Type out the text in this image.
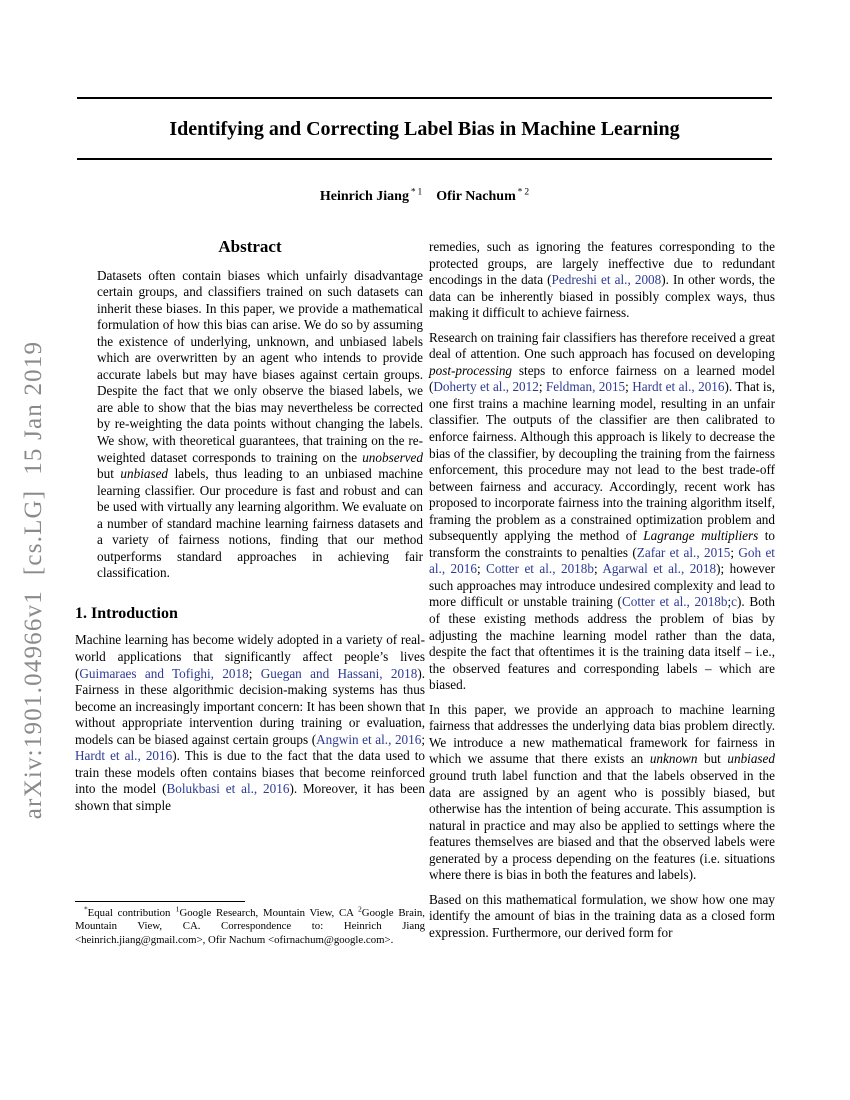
arXiv:1901.04966v1  [cs.LG]  15 Jan 2019
Identifying and Correcting Label Bias in Machine Learning
Heinrich Jiang $^{* 1}$   Ofir Nachum $^{* 2}$
Abstract

Datasets often contain biases which unfairly disadvantage certain groups, and classifiers trained on such datasets can inherit these biases. In this paper, we provide a mathematical formulation of how this bias can arise. We do so by assuming the existence of underlying, unknown, and unbiased labels which are overwritten by an agent who intends to provide accurate labels but may have biases against certain groups. Despite the fact that we only observe the biased labels, we are able to show that the bias may nevertheless be corrected by re-weighting the data points without changing the labels. We show, with theoretical guarantees, that training on the re-weighted dataset corresponds to training on the unobserved but unbiased labels, thus leading to an unbiased machine learning classifier. Our procedure is fast and robust and can be used with virtually any learning algorithm. We evaluate on a number of standard machine learning fairness datasets and a variety of fairness notions, finding that our method outperforms standard approaches in achieving fair classification.

1. Introduction

Machine learning has become widely adopted in a variety of real-world applications that significantly affect people’s lives (Guimaraes and Tofighi, 2018; Guegan and Hassani, 2018). Fairness in these algorithmic decision-making systems has thus become an increasingly important concern: It has been shown that without appropriate intervention during training or evaluation, models can be biased against certain groups (Angwin et al., 2016; Hardt et al., 2016). This is due to the fact that the data used to train these models often contains biases that become reinforced into the model (Bolukbasi et al., 2016). Moreover, it has been shown that simple

remedies, such as ignoring the features corresponding to the protected groups, are largely ineffective due to redundant encodings in the data (Pedreshi et al., 2008). In other words, the data can be inherently biased in possibly complex ways, thus making it difficult to achieve fairness.

Research on training fair classifiers has therefore received a great deal of attention. One such approach has focused on developing post-processing steps to enforce fairness on a learned model (Doherty et al., 2012; Feldman, 2015; Hardt et al., 2016). That is, one first trains a machine learning model, resulting in an unfair classifier. The outputs of the classifier are then calibrated to enforce fairness. Although this approach is likely to decrease the bias of the classifier, by decoupling the training from the fairness enforcement, this procedure may not lead to the best trade-off between fairness and accuracy. Accordingly, recent work has proposed to incorporate fairness into the training algorithm itself, framing the problem as a constrained optimization problem and subsequently applying the method of Lagrange multipliers to transform the constraints to penalties (Zafar et al., 2015; Goh et al., 2016; Cotter et al., 2018b; Agarwal et al., 2018); however such approaches may introduce undesired complexity and lead to more difficult or unstable training (Cotter et al., 2018b;c). Both of these existing methods address the problem of bias by adjusting the machine learning model rather than the data, despite the fact that oftentimes it is the training data itself – i.e., the observed features and corresponding labels – which are biased.

In this paper, we provide an approach to machine learning fairness that addresses the underlying data bias problem directly. We introduce a new mathematical framework for fairness in which we assume that there exists an unknown but unbiased ground truth label function and that the labels observed in the data are assigned by an agent who is possibly biased, but otherwise has the intention of being accurate. This assumption is natural in practice and may also be applied to settings where the features themselves are biased and that the observed labels were generated by a process depending on the features (i.e. situations where there is bias in both the features and labels).

Based on this mathematical formulation, we show how one may identify the amount of bias in the training data as a closed form expression. Furthermore, our derived form for

*Equal contribution $^1$Google Research, Mountain View, CA $^2$Google Brain, Mountain View, CA. Correspondence to: Heinrich Jiang <heinrich.jiang@gmail.com>, Ofir Nachum <ofirnachum@google.com>.
